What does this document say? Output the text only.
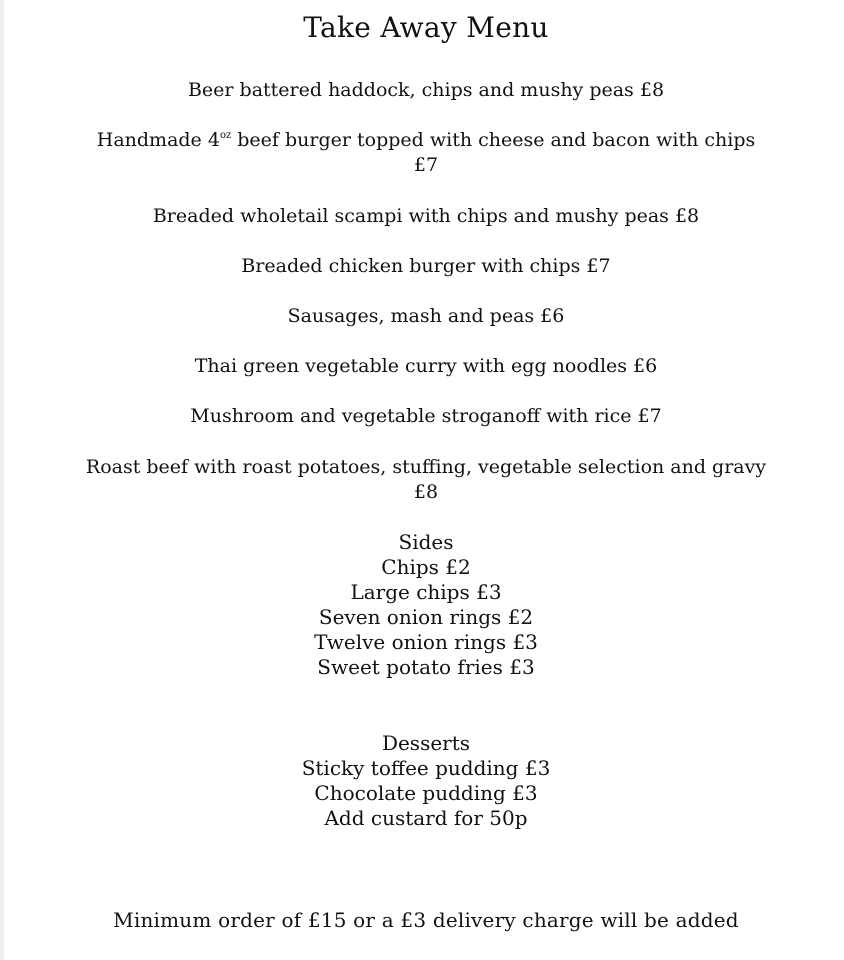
Take Away Menu
Beer battered haddock, chips and mushy peas £8
Handmade $4^{oz}$ beef burger topped with cheese and bacon with chips
£7
Breaded wholetail scampi with chips and mushy peas £8
Breaded chicken burger with chips £7
Sausages, mash and peas £6
Thai green vegetable curry with egg noodles £6
Mushroom and vegetable stroganoff with rice £7
Roast beef with roast potatoes, stuffing, vegetable selection and gravy
£8
Sides
Chips £2
Large chips £3
Seven onion rings £2
Twelve onion rings £3
Sweet potato fries £3
Desserts
Sticky toffee pudding £3
Chocolate pudding £3
Add custard for 50p
Minimum order of £15 or a £3 delivery charge will be added
